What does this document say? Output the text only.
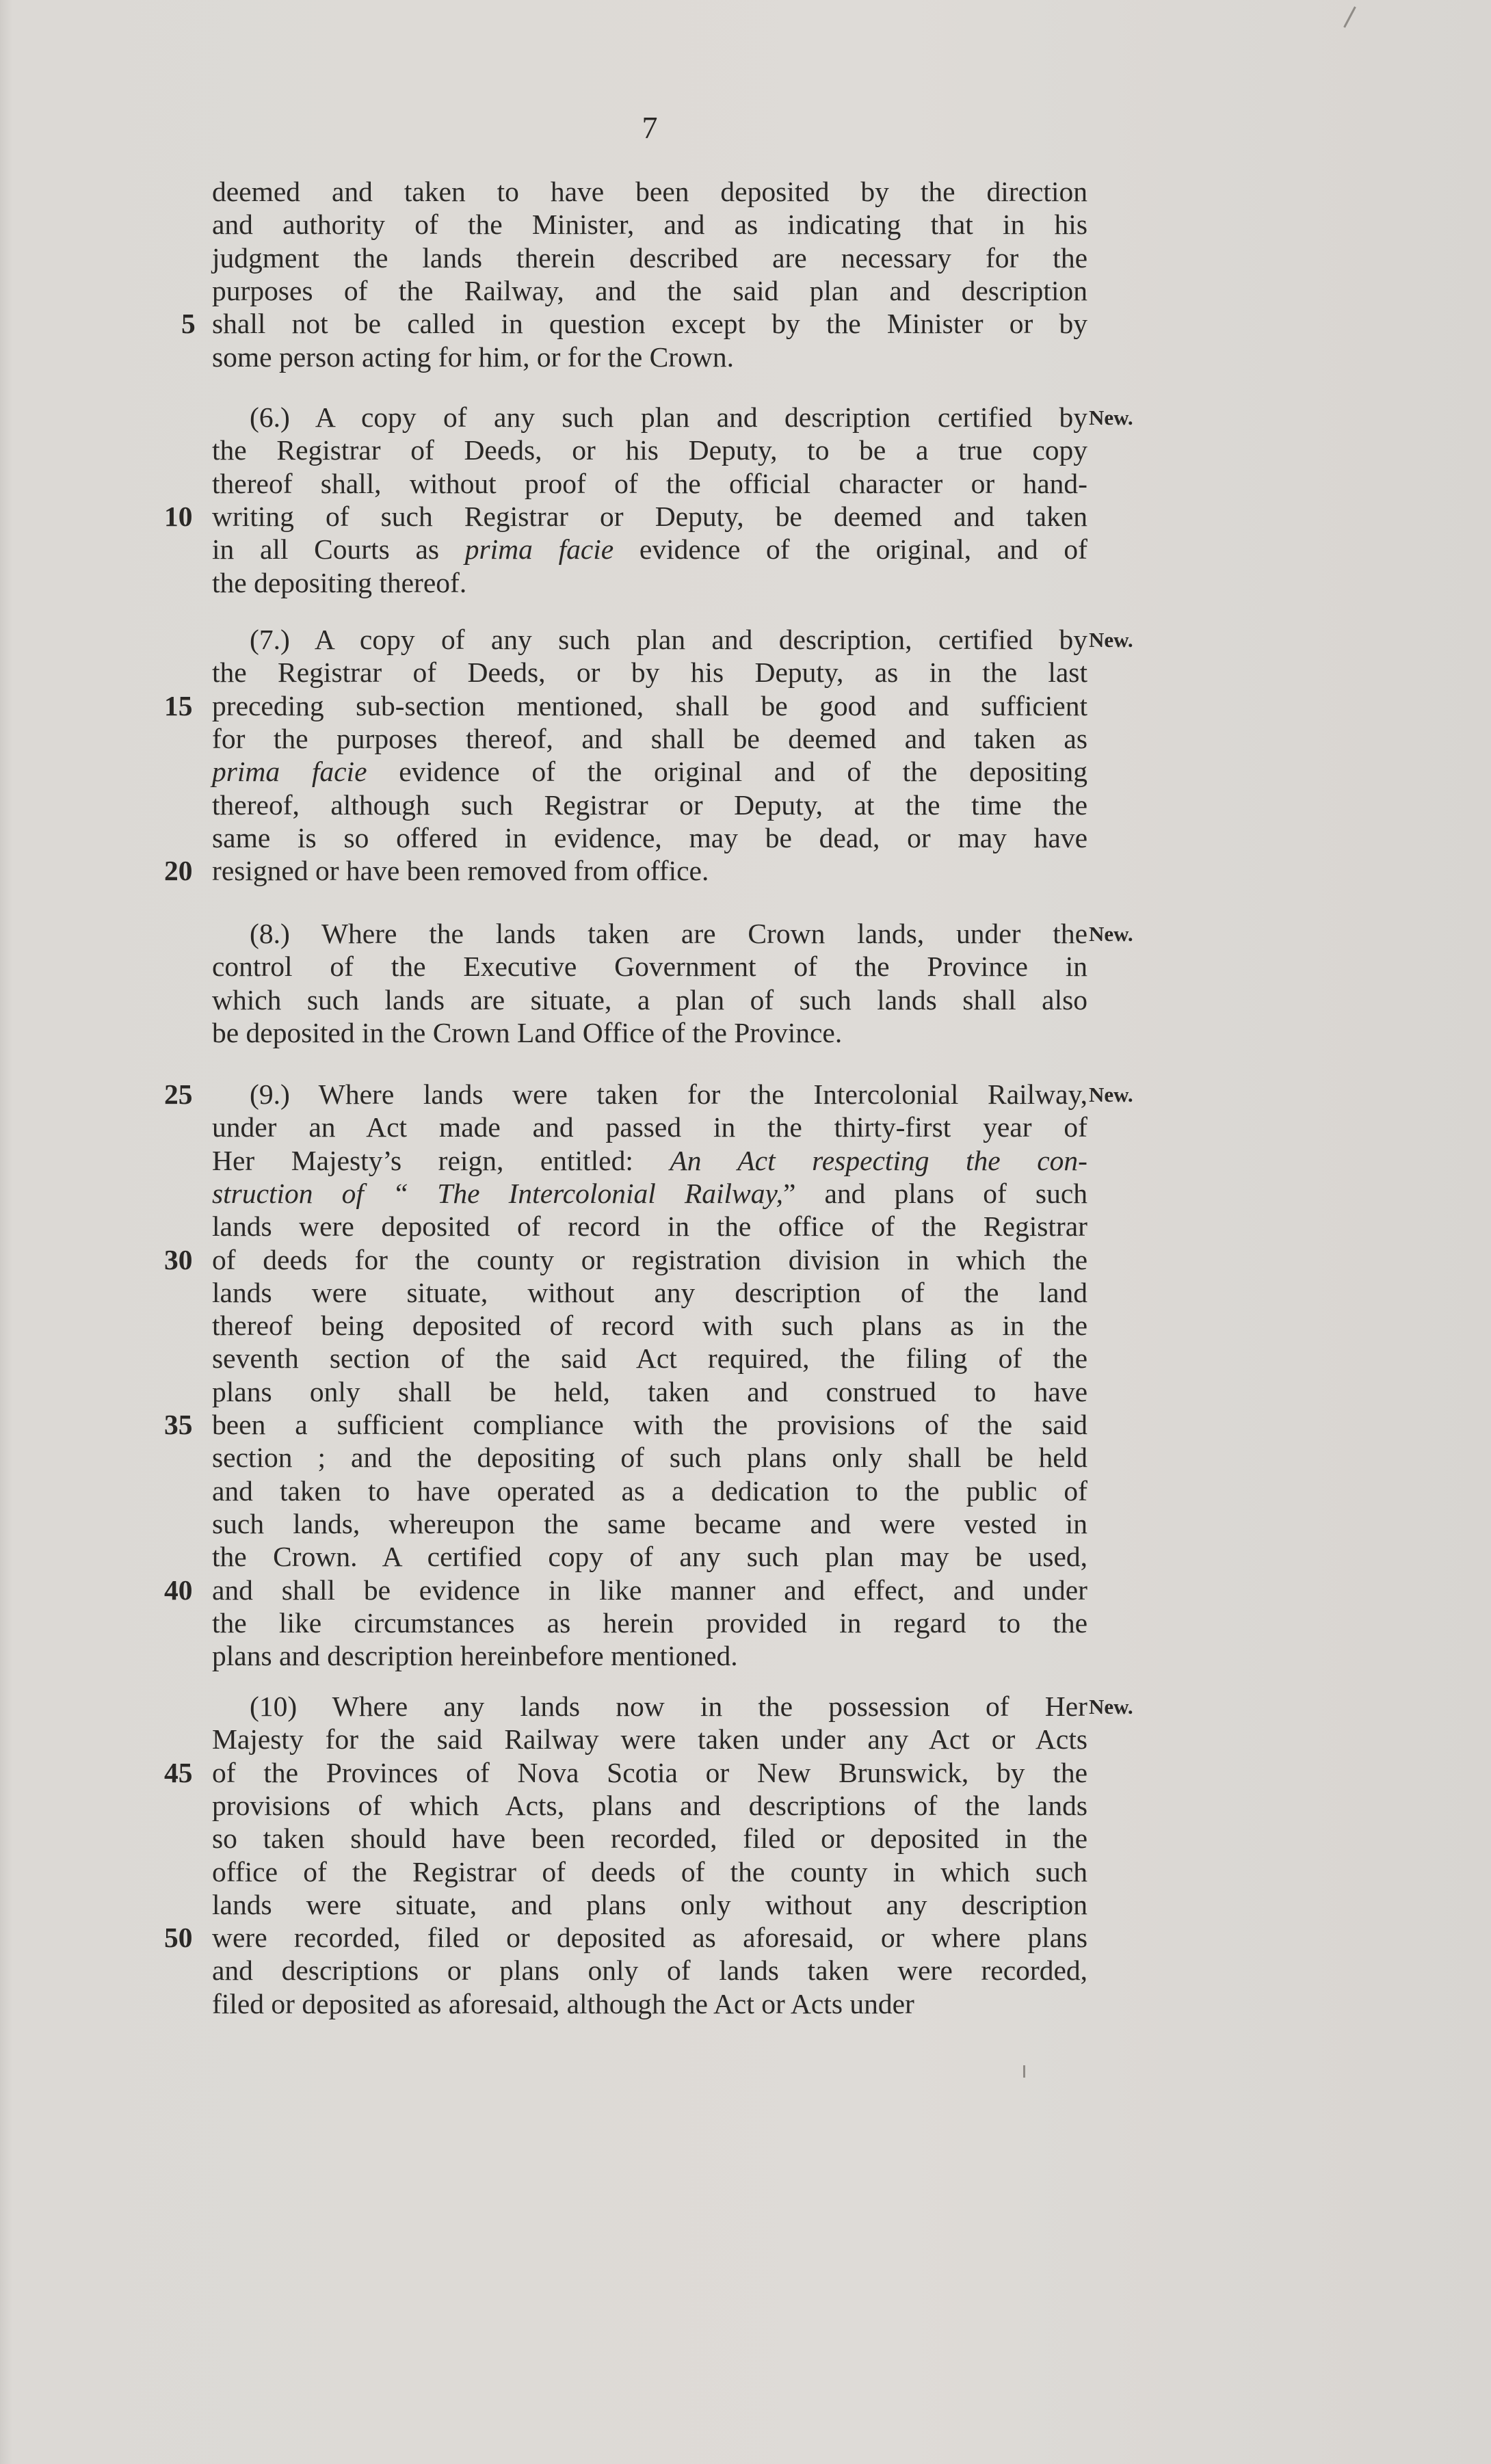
7
deemed and taken to have been deposited by the direction
and authority of the Minister, and as indicating that in his
judgment the lands therein described are necessary for the
purposes of the Railway, and the said plan and description
shall not be called in question except by the Minister or by
5
some person acting for him, or for the Crown.
New.
(6.) A copy of any such plan and description certified by
the Registrar of Deeds, or his Deputy, to be a true copy
thereof shall, without proof of the official character or hand-
writing of such Registrar or Deputy, be deemed and taken
10
in all Courts as prima facie evidence of the original, and of
the depositing thereof.
New.
(7.) A copy of any such plan and description, certified by
the Registrar of Deeds, or by his Deputy, as in the last
preceding sub-section mentioned, shall be good and sufficient
15
for the purposes thereof, and shall be deemed and taken as
prima facie evidence of the original and of the depositing
thereof, although such Registrar or Deputy, at the time the
same is so offered in evidence, may be dead, or may have
resigned or have been removed from office.
20
New.
(8.) Where the lands taken are Crown lands, under the
control of the Executive Government of the Province in
which such lands are situate, a plan of such lands shall also
be deposited in the Crown Land Office of the Province.
New.
(9.) Where lands were taken for the Intercolonial Railway,
25
under an Act made and passed in the thirty-first year of
Her Majesty’s reign, entitled: An Act respecting the con-
struction of “ The Intercolonial Railway,” and plans of such
lands were deposited of record in the office of the Registrar
of deeds for the county or registration division in which the
30
lands were situate, without any description of the land
thereof being deposited of record with such plans as in the
seventh section of the said Act required, the filing of the
plans only shall be held, taken and construed to have
been a sufficient compliance with the provisions of the said
35
section ; and the depositing of such plans only shall be held
and taken to have operated as a dedication to the public of
such lands, whereupon the same became and were vested in
the Crown. A certified copy of any such plan may be used,
and shall be evidence in like manner and effect, and under
40
the like circumstances as herein provided in regard to the
plans and description hereinbefore mentioned.
New.
(10) Where any lands now in the possession of Her
Majesty for the said Railway were taken under any Act or Acts
of the Provinces of Nova Scotia or New Brunswick, by the
45
provisions of which Acts, plans and descriptions of the lands
so taken should have been recorded, filed or deposited in the
office of the Registrar of deeds of the county in which such
lands were situate, and plans only without any description
were recorded, filed or deposited as aforesaid, or where plans
50
and descriptions or plans only of lands taken were recorded,
filed or deposited as aforesaid, although the Act or Acts under
